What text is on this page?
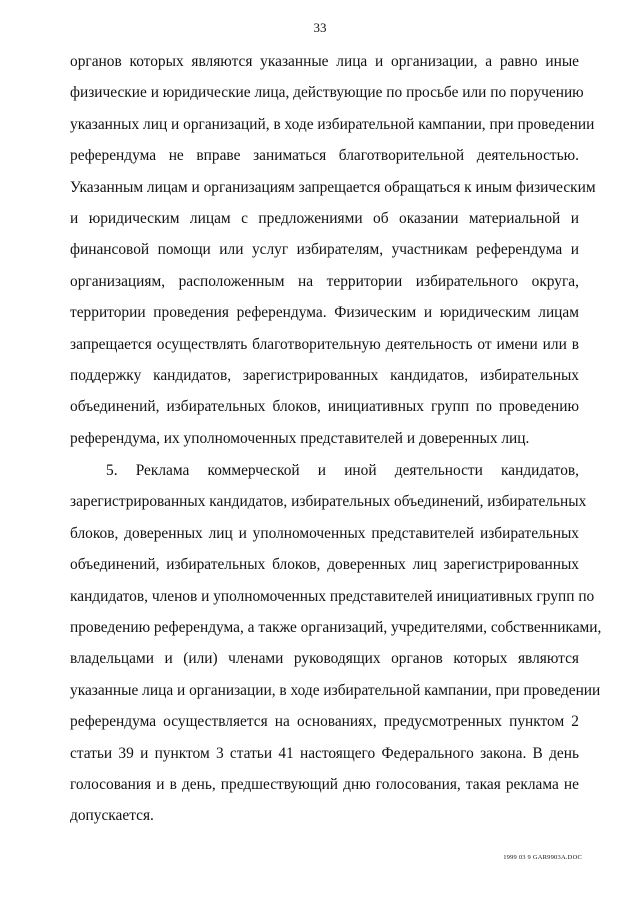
33

органов которых являются указанные лица и организации, а равно иные
физические и юридические лица, действующие по просьбе или по поручению
указанных лиц и организаций, в ходе избирательной кампании, при проведении
референдума не вправе заниматься благотворительной деятельностью.
Указанным лицам и организациям запрещается обращаться к иным физическим
и юридическим лицам с предложениями об оказании материальной и
финансовой помощи или услуг избирателям, участникам референдума и
организациям, расположенным на территории избирательного округа,
территории проведения референдума. Физическим и юридическим лицам
запрещается осуществлять благотворительную деятельность от имени или в
поддержку кандидатов, зарегистрированных кандидатов, избирательных
объединений, избирательных блоков, инициативных групп по проведению
референдума, их уполномоченных представителей и доверенных лиц.

5. Реклама коммерческой и иной деятельности кандидатов,
зарегистрированных кандидатов, избирательных объединений, избирательных
блоков, доверенных лиц и уполномоченных представителей избирательных
объединений, избирательных блоков, доверенных лиц зарегистрированных
кандидатов, членов и уполномоченных представителей инициативных групп по
проведению референдума, а также организаций, учредителями, собственниками,
владельцами и (или) членами руководящих органов которых являются
указанные лица и организации, в ходе избирательной кампании, при проведении
референдума осуществляется на основаниях, предусмотренных пунктом 2
статьи 39 и пунктом 3 статьи 41 настоящего Федерального закона. В день
голосования и в день, предшествующий дню голосования, такая реклама не
допускается.

1999 03 9 GAR9903A.DOC
